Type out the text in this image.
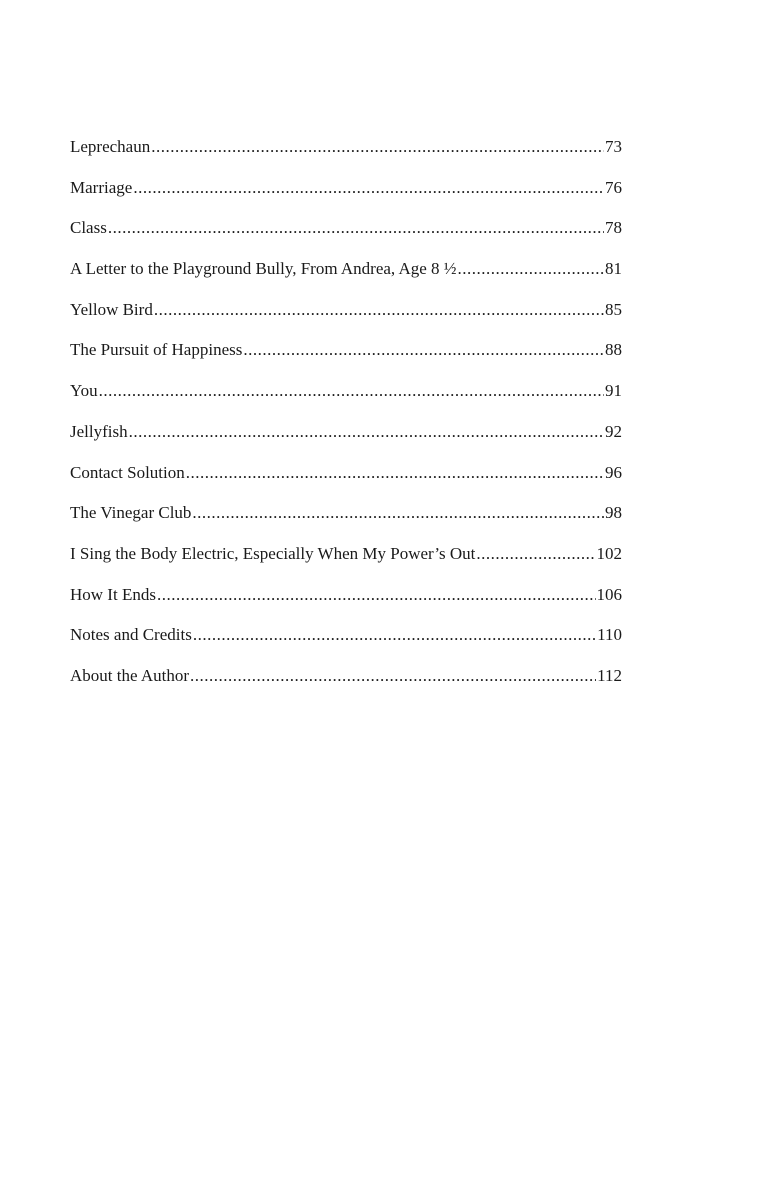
Leprechaun .....	73
Marriage .....	76
Class .....	78
A Letter to the Playground Bully, From Andrea, Age 8 ½ .....	81
Yellow Bird .....	85
The Pursuit of Happiness .....	88
You .....	91
Jellyfish .....	92
Contact Solution .....	96
The Vinegar Club .....	98
I Sing the Body Electric, Especially When My Power’s Out .....	102
How It Ends .....	106
Notes and Credits .....	110
About the Author .....	112
